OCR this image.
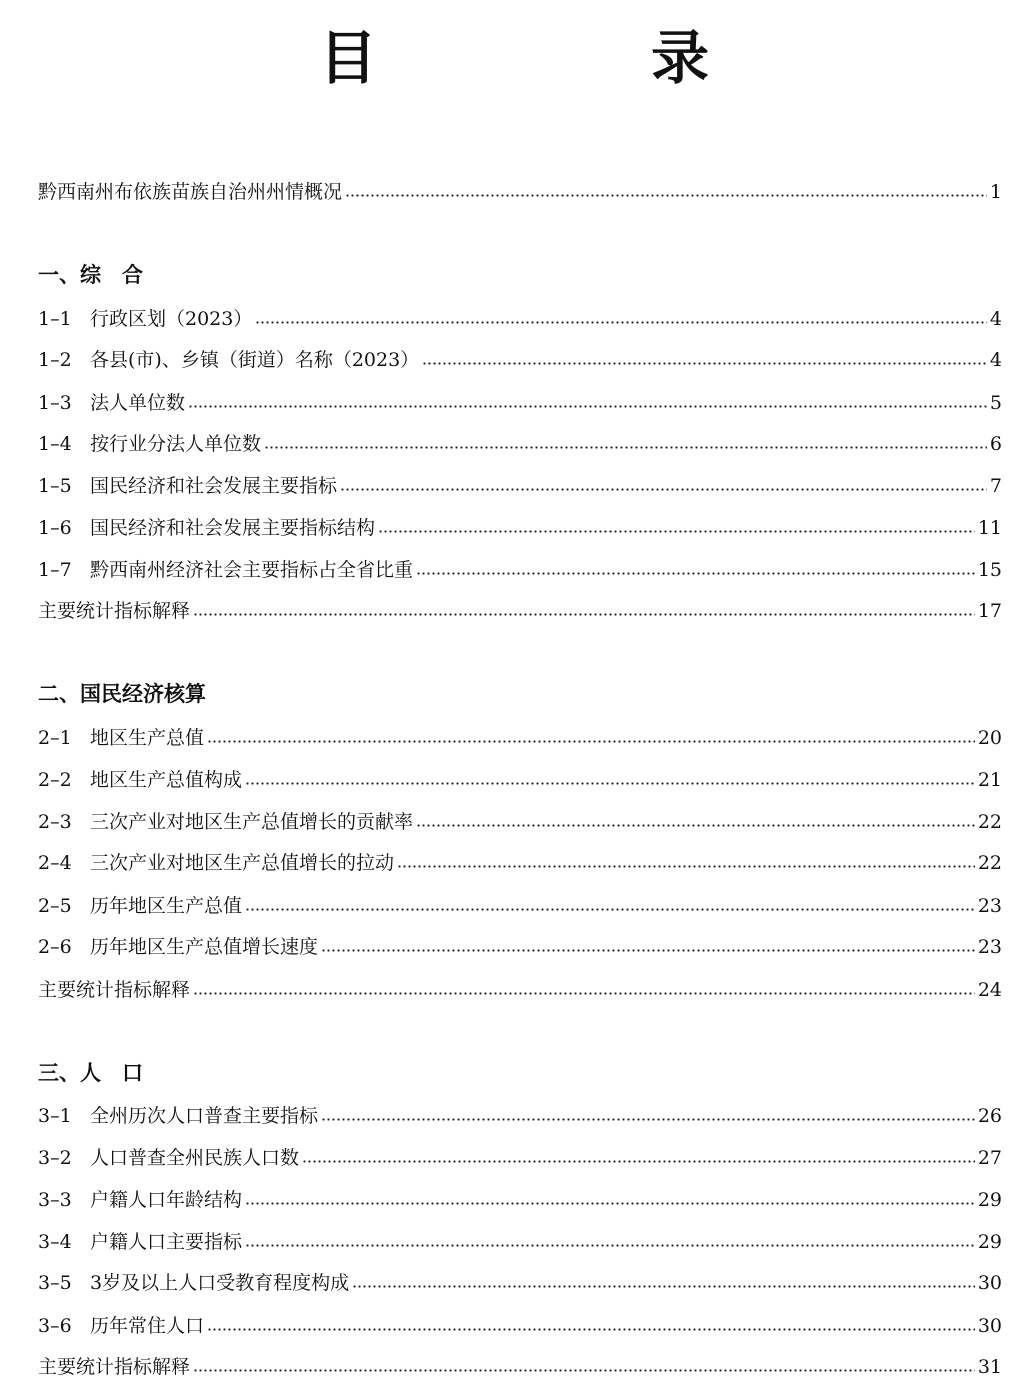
目　录
黔西南州布依族苗族自治州州情概况	1
一、综　合
1–1 行政区划（2023）	4
1–2 各县(市)、乡镇（街道）名称（2023）	4
1–3 法人单位数	5
1–4 按行业分法人单位数	6
1–5 国民经济和社会发展主要指标	7
1–6 国民经济和社会发展主要指标结构	11
1–7 黔西南州经济社会主要指标占全省比重	15
主要统计指标解释	17
二、国民经济核算
2–1 地区生产总值	20
2–2 地区生产总值构成	21
2–3 三次产业对地区生产总值增长的贡献率	22
2–4 三次产业对地区生产总值增长的拉动	22
2–5 历年地区生产总值	23
2–6 历年地区生产总值增长速度	23
主要统计指标解释	24
三、人　口
3–1 全州历次人口普查主要指标	26
3–2 人口普查全州民族人口数	27
3–3 户籍人口年龄结构	29
3–4 户籍人口主要指标	29
3–5 3岁及以上人口受教育程度构成	30
3–6 历年常住人口	30
主要统计指标解释	31
